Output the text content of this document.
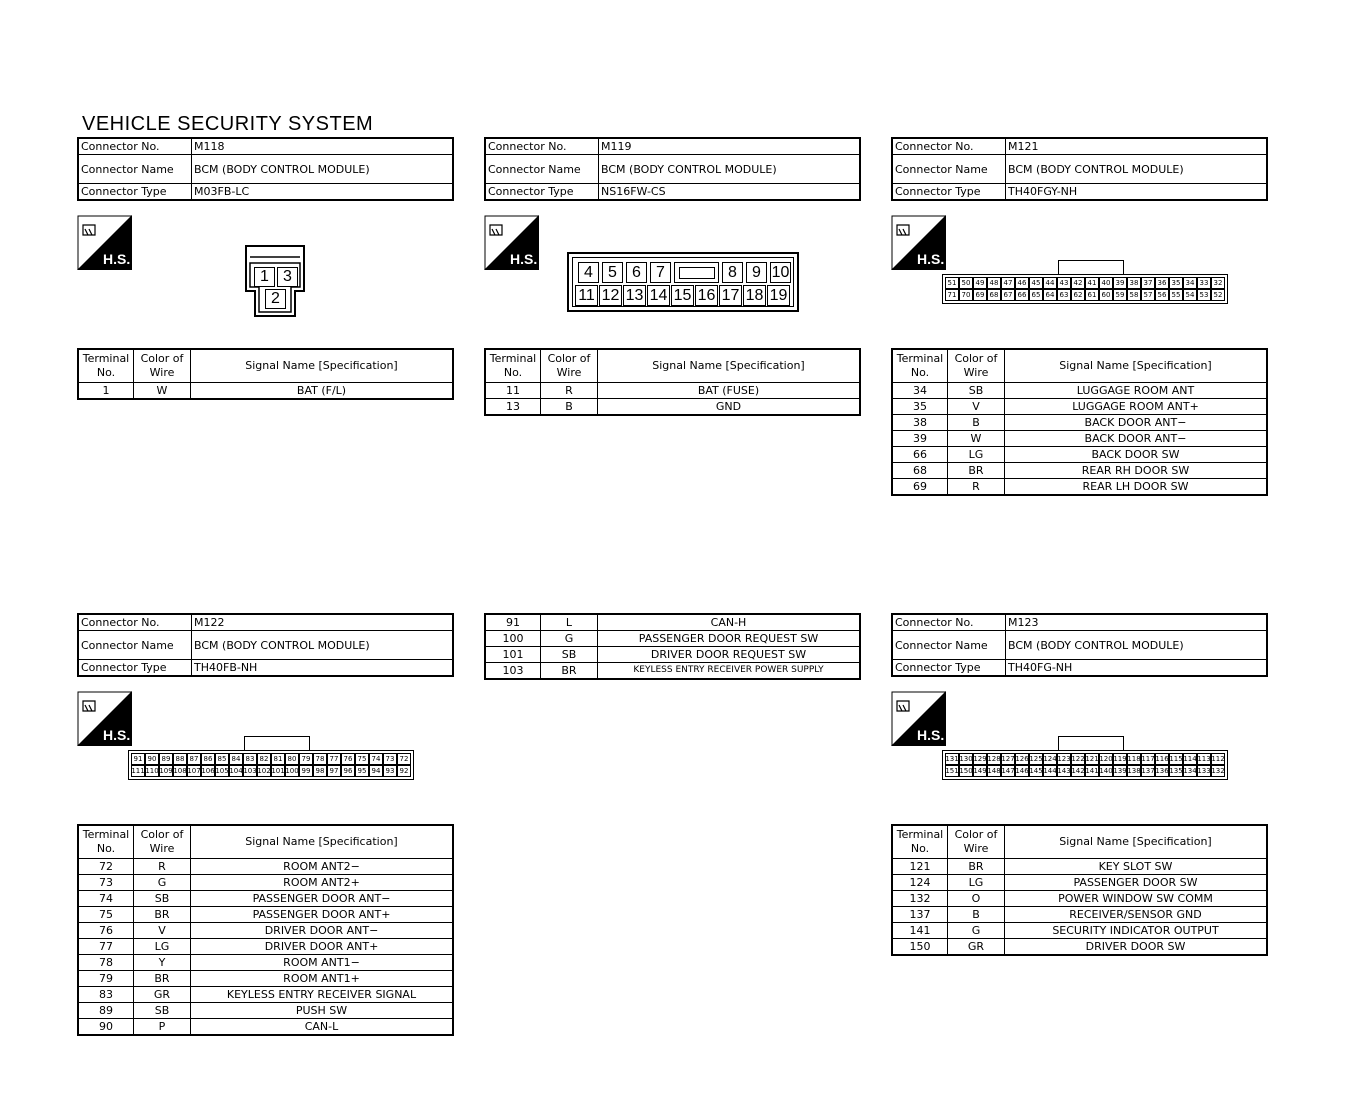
VEHICLE SECURITY SYSTEM
Connector No.	M118
Connector Name	BCM (BODY CONTROL MODULE)
Connector Type	M03FB-LC
H.S.
1 3
2
Terminal No.	Color of Wire	Signal Name [Specification]
1	W	BAT (F/L)
Connector No.	M119
Connector Name	BCM (BODY CONTROL MODULE)
Connector Type	NS16FW-CS
H.S.
4 5 6 7	8 9 10
11 12 13 14 15 16 17 18 19
Terminal No.	Color of Wire	Signal Name [Specification]
11	R	BAT (FUSE)
13	B	GND
Connector No.	M121
Connector Name	BCM (BODY CONTROL MODULE)
Connector Type	TH40FGY-NH
H.S.
51 50 49 48 47 46 45 44 43 42 41 40 39 38 37 36 35 34 33 32
71 70 69 68 67 66 65 64 63 62 61 60 59 58 57 56 55 54 53 52
Terminal No.	Color of Wire	Signal Name [Specification]
34	SB	LUGGAGE ROOM ANT
35	V	LUGGAGE ROOM ANT+
38	B	BACK DOOR ANT−
39	W	BACK DOOR ANT−
66	LG	BACK DOOR SW
68	BR	REAR RH DOOR SW
69	R	REAR LH DOOR SW
Connector No.	M122
Connector Name	BCM (BODY CONTROL MODULE)
Connector Type	TH40FB-NH
H.S.
91 90 89 88 87 86 85 84 83 82 81 80 79 78 77 76 75 74 73 72
111 110 109 108 107 106 105 104 103 102 101 100 99 98 97 96 95 94 93 92
Terminal No.	Color of Wire	Signal Name [Specification]
72	R	ROOM ANT2−
73	G	ROOM ANT2+
74	SB	PASSENGER DOOR ANT−
75	BR	PASSENGER DOOR ANT+
76	V	DRIVER DOOR ANT−
77	LG	DRIVER DOOR ANT+
78	Y	ROOM ANT1−
79	BR	ROOM ANT1+
83	GR	KEYLESS ENTRY RECEIVER SIGNAL
89	SB	PUSH SW
90	P	CAN-L
91	L	CAN-H
100	G	PASSENGER DOOR REQUEST SW
101	SB	DRIVER DOOR REQUEST SW
103	BR	KEYLESS ENTRY RECEIVER POWER SUPPLY
Connector No.	M123
Connector Name	BCM (BODY CONTROL MODULE)
Connector Type	TH40FG-NH
H.S.
131 130 129 128 127 126 125 124 123 122 121 120 119 118 117 116 115 114 113 112
151 150 149 148 147 146 145 144 143 142 141 140 139 138 137 136 135 134 133 132
Terminal No.	Color of Wire	Signal Name [Specification]
121	BR	KEY SLOT SW
124	LG	PASSENGER DOOR SW
132	O	POWER WINDOW SW COMM
137	B	RECEIVER/SENSOR GND
141	G	SECURITY INDICATOR OUTPUT
150	GR	DRIVER DOOR SW
